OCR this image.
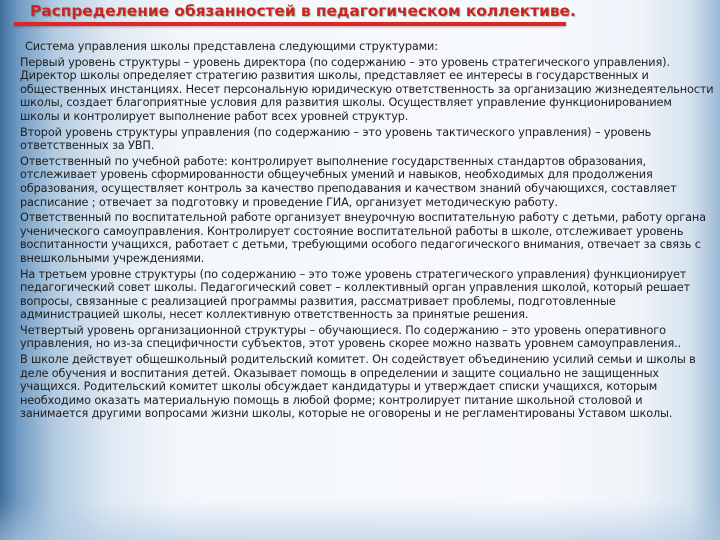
Распределение обязанностей в педагогическом коллективе.

Система управления школы представлена следующими структурами:

Первый уровень структуры – уровень директора (по содержанию – это уровень стратегического управления). Директор школы определяет стратегию развития школы, представляет ее интересы в государственных и общественных инстанциях. Несет персональную юридическую ответственность за организацию жизнедеятельности школы, создает благоприятные условия для развития школы. Осуществляет управление функционированием школы и контролирует выполнение работ всех уровней структур.

Второй уровень структуры управления (по содержанию – это уровень тактического управления) – уровень ответственных за УВП.

Ответственный по учебной работе: контролирует выполнение государственных стандартов образования, отслеживает уровень сформированности общеучебных умений и навыков, необходимых для продолжения образования, осуществляет контроль за качество преподавания и качеством знаний обучающихся, составляет расписание ; отвечает за подготовку и проведение ГИА, организует методическую работу.

Ответственный по воспитательной работе организует внеурочную воспитательную работу с детьми, работу органа ученического самоуправления. Контролирует состояние воспитательной работы в школе, отслеживает уровень воспитанности учащихся, работает с детьми, требующими особого педагогического внимания, отвечает за связь с внешкольными учреждениями.

На третьем уровне структуры (по содержанию – это тоже уровень стратегического управления) функционирует педагогический совет школы. Педагогический совет – коллективный орган управления школой, который решает вопросы, связанные с реализацией программы развития, рассматривает проблемы, подготовленные администрацией школы, несет коллективную ответственность за принятые решения.

Четвертый уровень организационной структуры – обучающиеся. По содержанию – это уровень оперативного управления, но из-за специфичности субъектов, этот уровень скорее можно назвать уровнем самоуправления..

В школе действует общешкольный родительский комитет. Он содействует объединению усилий семьи и школы в деле обучения и воспитания детей. Оказывает помощь в определении и защите социально не защищенных учащихся. Родительский комитет школы обсуждает кандидатуры и утверждает списки учащихся, которым необходимо оказать материальную помощь в любой форме; контролирует питание школьной столовой и занимается другими вопросами жизни школы, которые не оговорены и не регламентированы Уставом школы.
